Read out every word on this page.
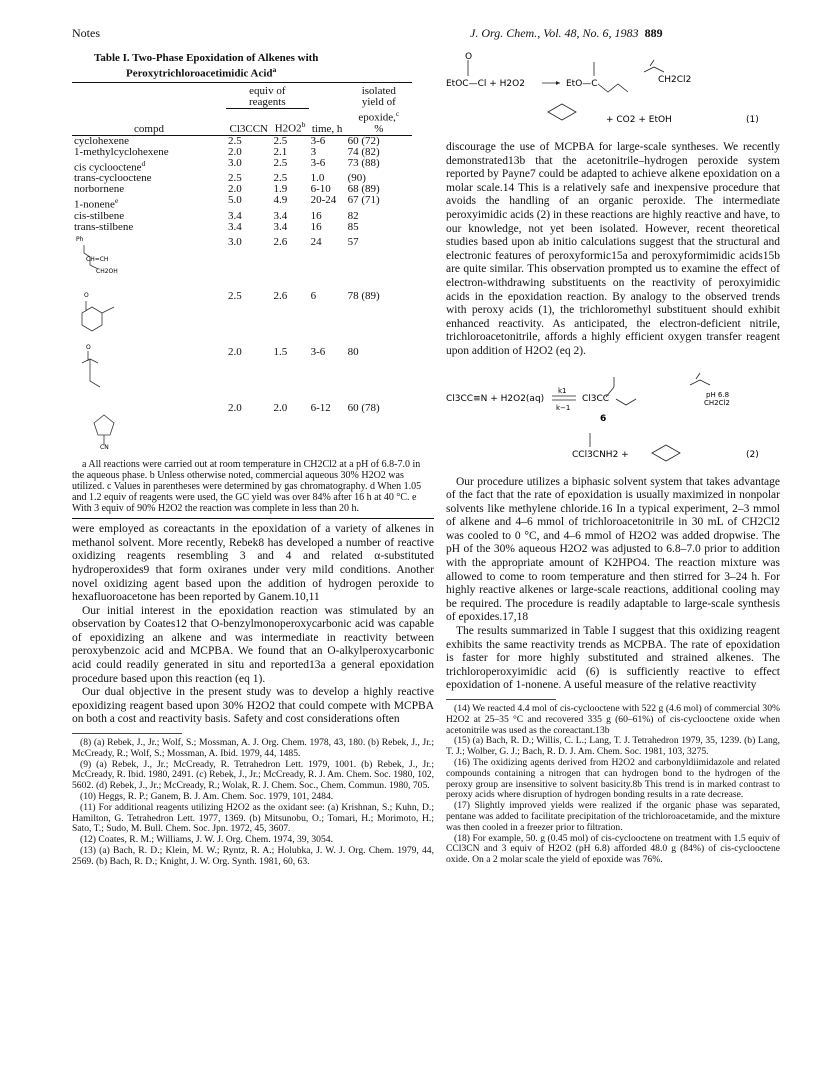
Notes	J. Org. Chem., Vol. 48, No. 6, 1983 889
Table I. Two-Phase Epoxidation of Alkenes with
Peroxytrichloroacetimidic Acid$^a$
	equiv of reagents			isolated yield of
compd	Cl3CCN	H2O2$^b$	time, h	epoxide,$^c$
%
cyclohexene	2.5	2.5	3-6	60 (72)
1-methylcyclohexene	2.0	2.1	3	74 (82)
cis cyclooctene$^d$	3.0	2.5	3-6	73 (88)
trans-cyclooctene	2.5	2.5	1.0	(90)
norbornene	2.0	1.9	6-10	68 (89)
1-nonene$^e$	5.0	4.9	20-24	67 (71)
cis-stilbene	3.4	3.4	16	82
trans-stilbene	3.4	3.4	16	85

Ph
CH=CH
CH2OH	3.0	2.6	24	57

O	2.5	2.6	6	78 (89)

O	2.0	1.5	3-6	80

CN	2.0	2.0	6-12	60 (78)
a All reactions were carried out at room temperature in CH2Cl2 at a pH of 6.8-7.0 in the aqueous phase. b Unless otherwise noted, commercial aqueous 30% H2O2 was utilized. c Values in parentheses were determined by gas chromatography. d When 1.05 and 1.2 equiv of reagents were used, the GC yield was over 84% after 16 h at 40 °C. e With 3 equiv of 90% H2O2 the reaction was complete in less than 20 h.

were employed as coreactants in the epoxidation of a variety of alkenes in methanol solvent. More recently, Rebek8 has developed a number of reactive oxidizing reagents resembling 3 and 4 and related α-substituted hydroperoxides9 that form oxiranes under very mild conditions. Another novel oxidizing agent based upon the addition of hydrogen peroxide to hexafluoroacetone has been reported by Ganem.10,11

Our initial interest in the epoxidation reaction was stimulated by an observation by Coates12 that O-benzylmonoperoxycarbonic acid was capable of epoxidizing an alkene and was intermediate in reactivity between peroxybenzoic acid and MCPBA. We found that an O-alkylperoxycarbonic acid could readily generated in situ and reported13a a general epoxidation procedure based upon this reaction (eq 1).

Our dual objective in the present study was to develop a highly reactive epoxidizing reagent based upon 30% H2O2 that could compete with MCPBA on both a cost and reactivity basis. Safety and cost considerations often

(8) (a) Rebek, J., Jr.; Wolf, S.; Mossman, A. J. Org. Chem. 1978, 43, 180. (b) Rebek, J., Jr.; McCready, R.; Wolf, S.; Mossman, A. Ibid. 1979, 44, 1485.

(9) (a) Rebek, J., Jr.; McCready, R. Tetrahedron Lett. 1979, 1001. (b) Rebek, J., Jr.; McCready, R. Ibid. 1980, 2491. (c) Rebek, J., Jr.; McCready, R. J. Am. Chem. Soc. 1980, 102, 5602. (d) Rebek, J., Jr.; McCready, R.; Wolak, R. J. Chem. Soc., Chem. Commun. 1980, 705.

(10) Heggs, R. P.; Ganem, B. J. Am. Chem. Soc. 1979, 101, 2484.

(11) For additional reagents utilizing H2O2 as the oxidant see: (a) Krishnan, S.; Kuhn, D.; Hamilton, G. Tetrahedron Lett. 1977, 1369. (b) Mitsunobu, O.; Tomari, H.; Morimoto, H.; Sato, T.; Sudo, M. Bull. Chem. Soc. Jpn. 1972, 45, 3607.

(12) Coates, R. M.; Williams, J. W. J. Org. Chem. 1974, 39, 3054.

(13) (a) Bach, R. D.; Klein, M. W.; Ryntz, R. A.; Holubka, J. W. J. Org. Chem. 1979, 44, 2569. (b) Bach, R. D.; Knight, J. W. Org. Synth. 1981, 60, 63.

EtOC—Cl + H2O2
O
EtO—C	CH2Cl2
+ CO2 + EtOH	(1)

discourage the use of MCPBA for large-scale syntheses. We recently demonstrated13b that the acetonitrile–hydrogen peroxide system reported by Payne7 could be adapted to achieve alkene epoxidation on a molar scale.14 This is a relatively safe and inexpensive procedure that avoids the handling of an organic peroxide. The intermediate peroxyimidic acids (2) in these reactions are highly reactive and have, to our knowledge, not yet been isolated. However, recent theoretical studies based upon ab initio calculations suggest that the structural and electronic features of peroxyformic15a and peroxyformimidic acids15b are quite similar. This observation prompted us to examine the effect of electron-withdrawing substituents on the reactivity of peroxyimidic acids in the epoxidation reaction. By analogy to the observed trends with peroxy acids (1), the trichloromethyl substituent should exhibit enhanced reactivity. As anticipated, the electron-deficient nitrile, trichloroacetonitrile, affords a highly efficient oxygen transfer reagent upon addition of H2O2 (eq 2).

Cl3CC≡N + H2O2(aq)
k1
k−1
Cl3CC
6
pH 6.8
CH2Cl2
CCl3CNH2 +	(2)

Our procedure utilizes a biphasic solvent system that takes advantage of the fact that the rate of epoxidation is usually maximized in nonpolar solvents like methylene chloride.16 In a typical experiment, 2–3 mmol of alkene and 4–6 mmol of trichloroacetonitrile in 30 mL of CH2Cl2 was cooled to 0 °C, and 4–6 mmol of H2O2 was added dropwise. The pH of the 30% aqueous H2O2 was adjusted to 6.8–7.0 prior to addition with the appropriate amount of K2HPO4. The reaction mixture was allowed to come to room temperature and then stirred for 3–24 h. For highly reactive alkenes or large-scale reactions, additional cooling may be required. The procedure is readily adaptable to large-scale synthesis of epoxides.17,18

The results summarized in Table I suggest that this oxidizing reagent exhibits the same reactivity trends as MCPBA. The rate of epoxidation is faster for more highly substituted and strained alkenes. The trichloroperoxyimidic acid (6) is sufficiently reactive to effect epoxidation of 1-nonene. A useful measure of the relative reactivity

(14) We reacted 4.4 mol of cis-cyclooctene with 522 g (4.6 mol) of commercial 30% H2O2 at 25–35 °C and recovered 335 g (60–61%) of cis-cyclooctene oxide when acetonitrile was used as the coreactant.13b

(15) (a) Bach, R. D.; Willis, C. L.; Lang, T. J. Tetrahedron 1979, 35, 1239. (b) Lang, T. J.; Wolber, G. J.; Bach, R. D. J. Am. Chem. Soc. 1981, 103, 3275.

(16) The oxidizing agents derived from H2O2 and carbonyldiimidazole and related compounds containing a nitrogen that can hydrogen bond to the hydrogen of the peroxy group are insensitive to solvent basicity.8b This trend is in marked contrast to peroxy acids where disruption of hydrogen bonding results in a rate decrease.

(17) Slightly improved yields were realized if the organic phase was separated, pentane was added to facilitate precipitation of the trichloroacetamide, and the mixture was then cooled in a freezer prior to filtration.

(18) For example, 50. g (0.45 mol) of cis-cyclooctene on treatment with 1.5 equiv of CCl3CN and 3 equiv of H2O2 (pH 6.8) afforded 48.0 g (84%) of cis-cyclooctene oxide. On a 2 molar scale the yield of epoxide was 76%.
